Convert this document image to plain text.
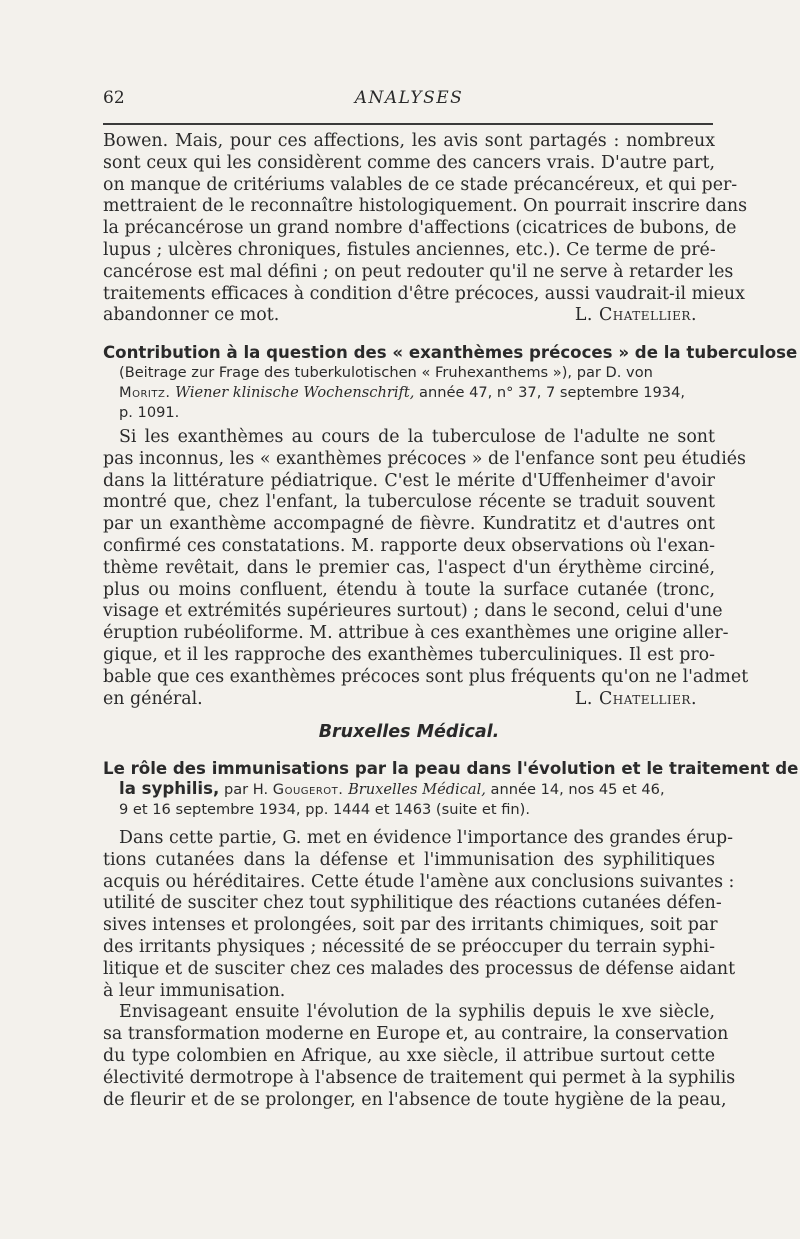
62	ANALYSES

Bowen. Mais, pour ces affections, les avis sont partagés : nombreux
sont ceux qui les considèrent comme des cancers vrais. D'autre part,
on manque de critériums valables de ce stade précancéreux, et qui per-
mettraient de le reconnaître histologiquement. On pourrait inscrire dans
la précancérose un grand nombre d'affections (cicatrices de bubons, de
lupus ; ulcères chroniques, fistules anciennes, etc.). Ce terme de pré-
cancérose est mal défini ; on peut redouter qu'il ne serve à retarder les
traitements efficaces à condition d'être précoces, aussi vaudrait-il mieux
abandonner ce mot.	L. Chatellier.

Contribution à la question des « exanthèmes précoces » de la tuberculose
(Beitrage zur Frage des tuberkulotischen « Fruhexanthems »), par D. von
Moritz. Wiener klinische Wochenschrift, année 47, n° 37, 7 septembre 1934,
p. 1091.

Si les exanthèmes au cours de la tuberculose de l'adulte ne sont
pas inconnus, les « exanthèmes précoces » de l'enfance sont peu étudiés
dans la littérature pédiatrique. C'est le mérite d'Uffenheimer d'avoir
montré que, chez l'enfant, la tuberculose récente se traduit souvent
par un exanthème accompagné de fièvre. Kundratitz et d'autres ont
confirmé ces constatations. M. rapporte deux observations où l'exan-
thème revêtait, dans le premier cas, l'aspect d'un érythème circiné,
plus ou moins confluent, étendu à toute la surface cutanée (tronc,
visage et extrémités supérieures surtout) ; dans le second, celui d'une
éruption rubéoliforme. M. attribue à ces exanthèmes une origine aller-
gique, et il les rapproche des exanthèmes tuberculiniques. Il est pro-
bable que ces exanthèmes précoces sont plus fréquents qu'on ne l'admet
en général.	L. Chatellier.

Bruxelles Médical.
Le rôle des immunisations par la peau dans l'évolution et le traitement de
la syphilis, par H. Gougerot. Bruxelles Médical, année 14, nos 45 et 46,
9 et 16 septembre 1934, pp. 1444 et 1463 (suite et fin).

Dans cette partie, G. met en évidence l'importance des grandes érup-
tions cutanées dans la défense et l'immunisation des syphilitiques
acquis ou héréditaires. Cette étude l'amène aux conclusions suivantes :
utilité de susciter chez tout syphilitique des réactions cutanées défen-
sives intenses et prolongées, soit par des irritants chimiques, soit par
des irritants physiques ; nécessité de se préoccuper du terrain syphi-
litique et de susciter chez ces malades des processus de défense aidant
à leur immunisation.

Envisageant ensuite l'évolution de la syphilis depuis le xve siècle,
sa transformation moderne en Europe et, au contraire, la conservation
du type colombien en Afrique, au xxe siècle, il attribue surtout cette
électivité dermotrope à l'absence de traitement qui permet à la syphilis
de fleurir et de se prolonger, en l'absence de toute hygiène de la peau,
